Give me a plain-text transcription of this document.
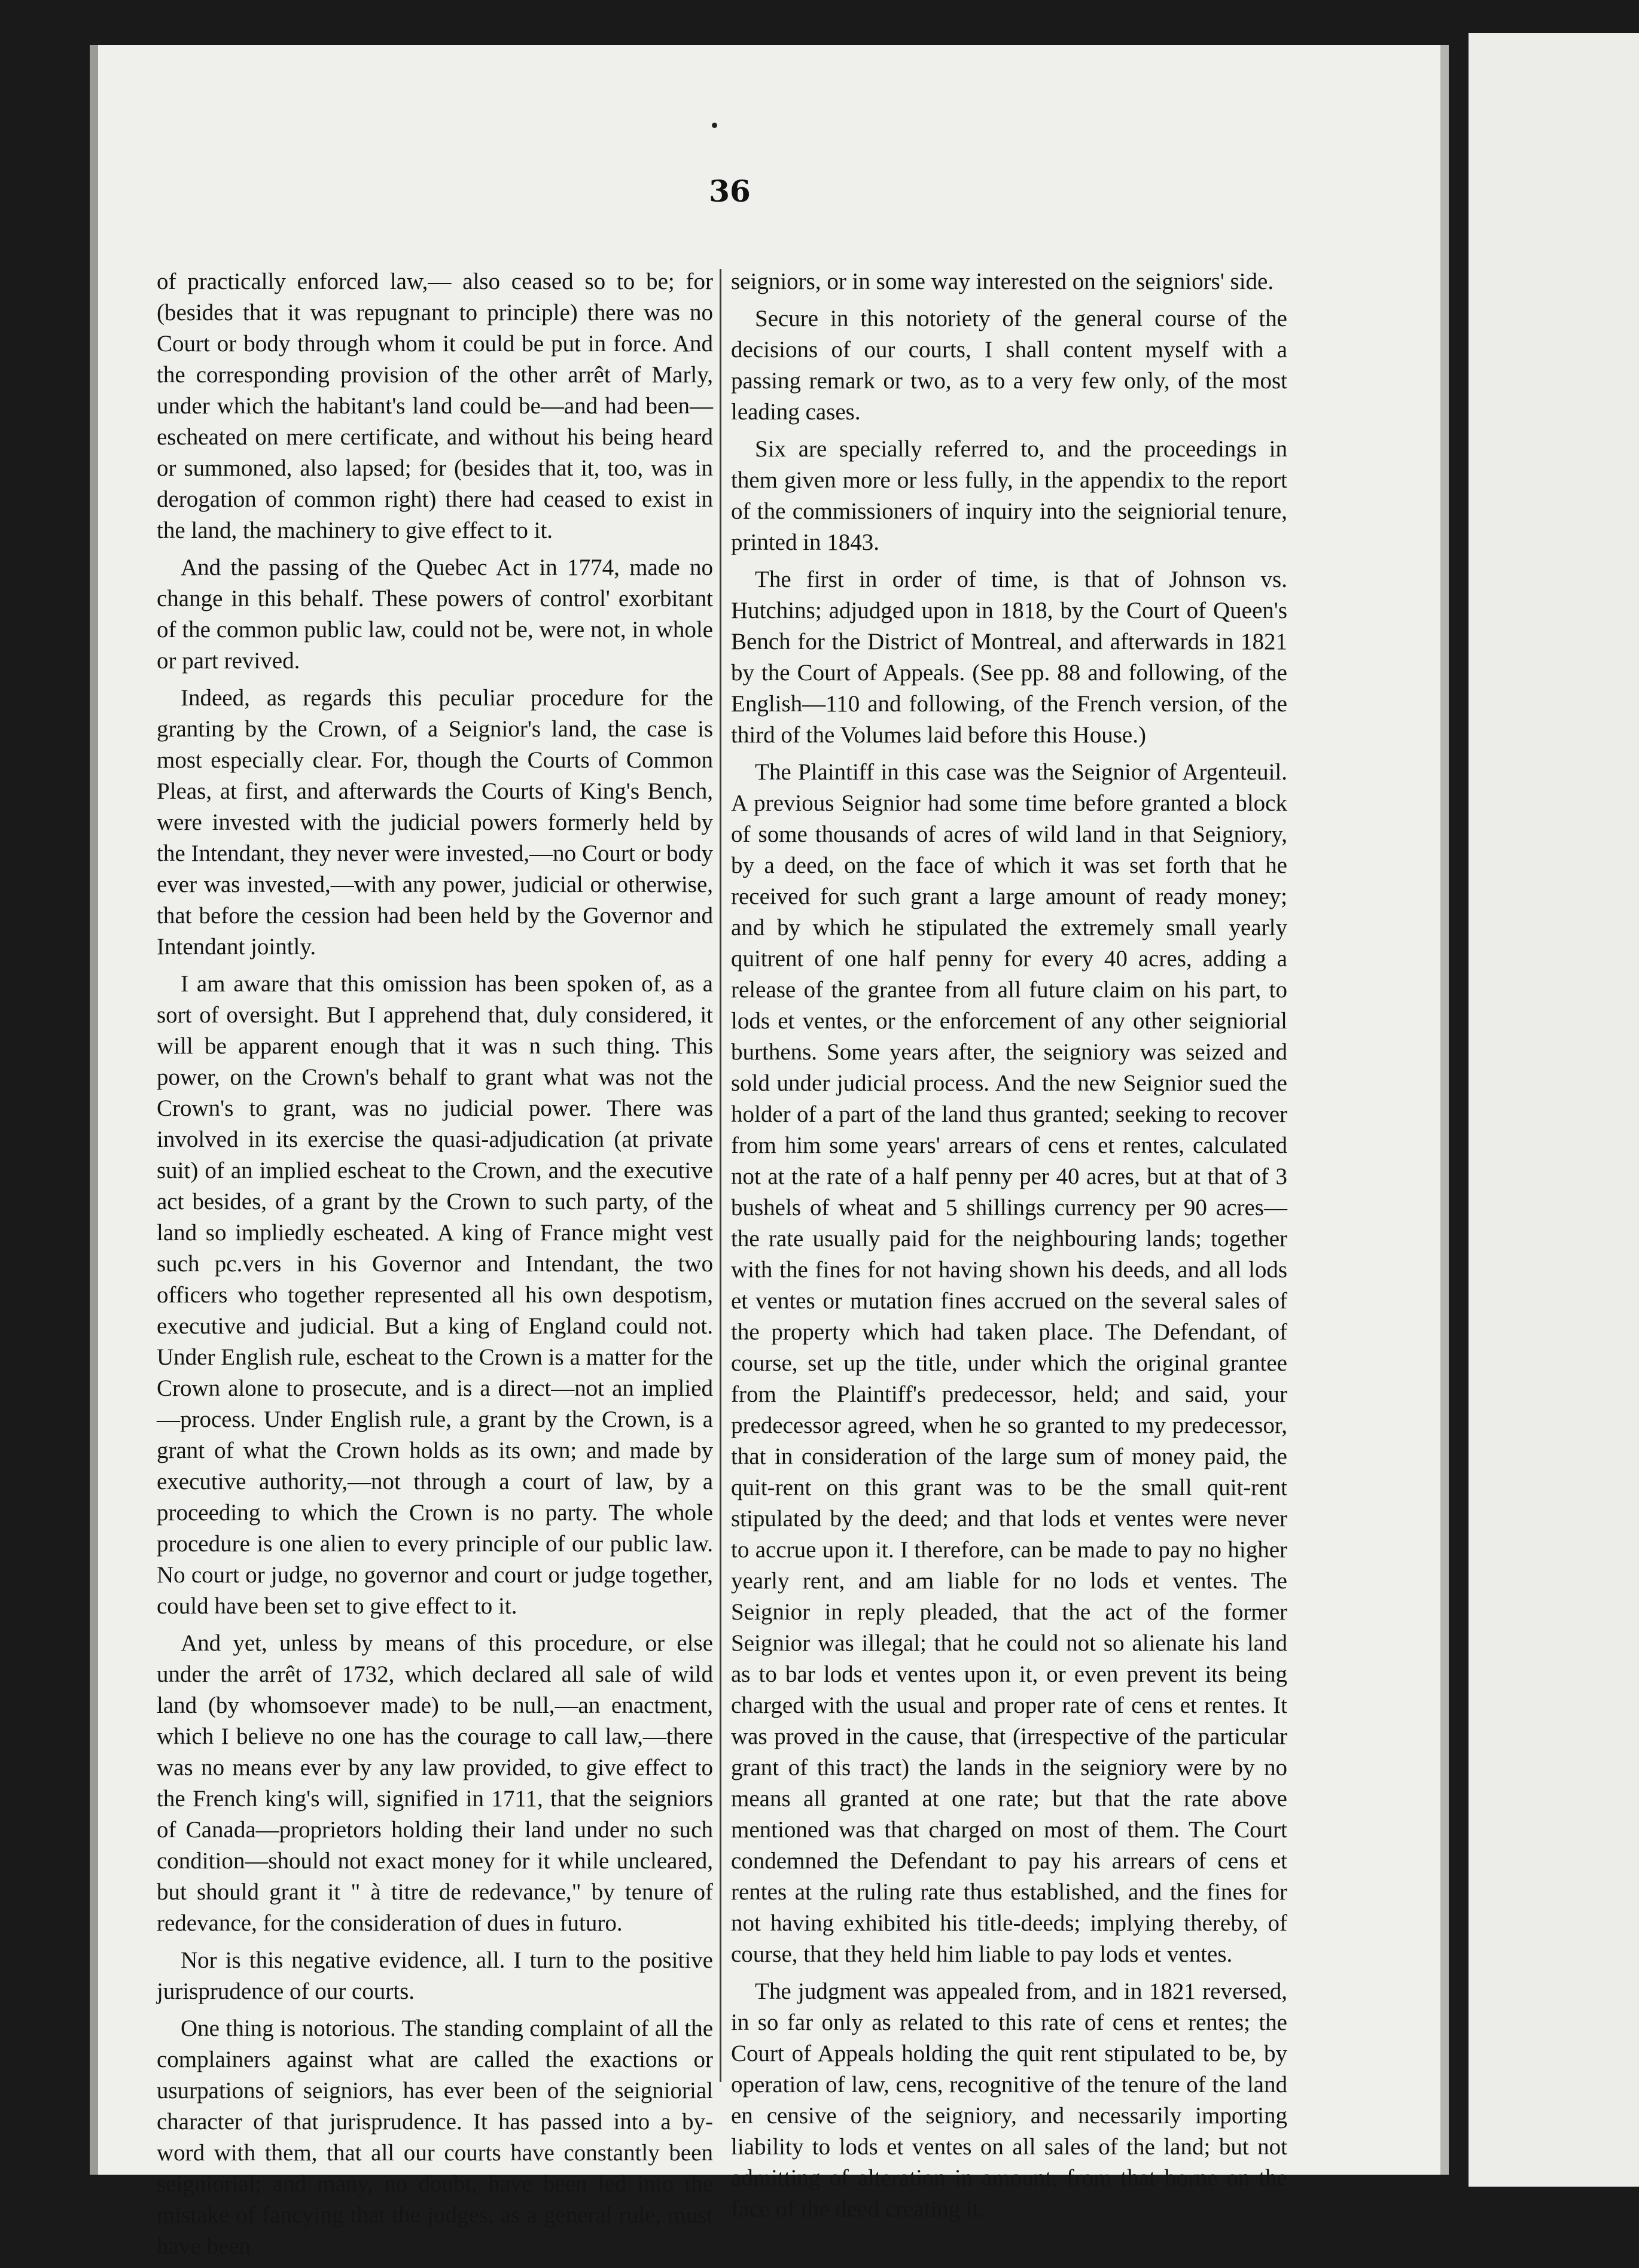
36

of practically enforced law,— also ceased so to be; for (besides that it was repugnant to principle) there was no Court or body through whom it could be put in force. And the corresponding provision of the other arrêt of Marly, under which the habitant's land could be—and had been—escheated on mere certificate, and without his being heard or summoned, also lapsed; for (besides that it, too, was in derogation of common right) there had ceased to exist in the land, the machinery to give effect to it.

And the passing of the Quebec Act in 1774, made no change in this behalf. These powers of control' exorbitant of the common public law, could not be, were not, in whole or part revived.

Indeed, as regards this peculiar procedure for the granting by the Crown, of a Seignior's land, the case is most especially clear. For, though the Courts of Common Pleas, at first, and afterwards the Courts of King's Bench, were invested with the judicial powers formerly held by the Intendant, they never were invested,—no Court or body ever was invested,—with any power, judicial or otherwise, that before the cession had been held by the Governor and Intendant jointly.

I am aware that this omission has been spoken of, as a sort of oversight. But I apprehend that, duly considered, it will be apparent enough that it was n such thing. This power, on the Crown's behalf to grant what was not the Crown's to grant, was no judicial power. There was involved in its exercise the quasi-adjudication (at private suit) of an implied escheat to the Crown, and the executive act besides, of a grant by the Crown to such party, of the land so impliedly escheated. A king of France might vest such pc.vers in his Governor and Intendant, the two officers who together represented all his own despotism, executive and judicial. But a king of England could not. Under English rule, escheat to the Crown is a matter for the Crown alone to prosecute, and is a direct—not an implied—process. Under English rule, a grant by the Crown, is a grant of what the Crown holds as its own; and made by executive authority,—not through a court of law, by a proceeding to which the Crown is no party. The whole procedure is one alien to every principle of our public law. No court or judge, no governor and court or judge together, could have been set to give effect to it.

And yet, unless by means of this procedure, or else under the arrêt of 1732, which declared all sale of wild land (by whomsoever made) to be null,—an enactment, which I believe no one has the courage to call law,—there was no means ever by any law provided, to give effect to the French king's will, signified in 1711, that the seigniors of Canada—proprietors holding their land under no such condition—should not exact money for it while uncleared, but should grant it " à titre de redevance," by tenure of redevance, for the consideration of dues in futuro.

Nor is this negative evidence, all. I turn to the positive jurisprudence of our courts.

One thing is notorious. The standing complaint of all the complainers against what are called the exactions or usurpations of seigniors, has ever been of the seigniorial character of that jurisprudence. It has passed into a by-word with them, that all our courts have constantly been seigniorial; and many, no doubt, have been led into the mistake of fancying that the judges, as a general rule, must have been

seigniors, or in some way interested on the seigniors' side.

Secure in this notoriety of the general course of the decisions of our courts, I shall content myself with a passing remark or two, as to a very few only, of the most leading cases.

Six are specially referred to, and the proceedings in them given more or less fully, in the appendix to the report of the commissioners of inquiry into the seigniorial tenure, printed in 1843.

The first in order of time, is that of Johnson vs. Hutchins; adjudged upon in 1818, by the Court of Queen's Bench for the District of Montreal, and afterwards in 1821 by the Court of Appeals. (See pp. 88 and following, of the English—110 and following, of the French version, of the third of the Volumes laid before this House.)

The Plaintiff in this case was the Seignior of Argenteuil. A previous Seignior had some time before granted a block of some thousands of acres of wild land in that Seigniory, by a deed, on the face of which it was set forth that he received for such grant a large amount of ready money; and by which he stipulated the extremely small yearly quitrent of one half penny for every 40 acres, adding a release of the grantee from all future claim on his part, to lods et ventes, or the enforcement of any other seigniorial burthens. Some years after, the seigniory was seized and sold under judicial process. And the new Seignior sued the holder of a part of the land thus granted; seeking to recover from him some years' arrears of cens et rentes, calculated not at the rate of a half penny per 40 acres, but at that of 3 bushels of wheat and 5 shillings currency per 90 acres—the rate usually paid for the neighbouring lands; together with the fines for not having shown his deeds, and all lods et ventes or mutation fines accrued on the several sales of the property which had taken place. The Defendant, of course, set up the title, under which the original grantee from the Plaintiff's predecessor, held; and said, your predecessor agreed, when he so granted to my predecessor, that in consideration of the large sum of money paid, the quit-rent on this grant was to be the small quit-rent stipulated by the deed; and that lods et ventes were never to accrue upon it. I therefore, can be made to pay no higher yearly rent, and am liable for no lods et ventes. The Seignior in reply pleaded, that the act of the former Seignior was illegal; that he could not so alienate his land as to bar lods et ventes upon it, or even prevent its being charged with the usual and proper rate of cens et rentes. It was proved in the cause, that (irrespective of the particular grant of this tract) the lands in the seigniory were by no means all granted at one rate; but that the rate above mentioned was that charged on most of them. The Court condemned the Defendant to pay his arrears of cens et rentes at the ruling rate thus established, and the fines for not having exhibited his title-deeds; implying thereby, of course, that they held him liable to pay lods et ventes.

The judgment was appealed from, and in 1821 reversed, in so far only as related to this rate of cens et rentes; the Court of Appeals holding the quit rent stipulated to be, by operation of law, cens, recognitive of the tenure of the land en censive of the seigniory, and necessarily importing liability to lods et ventes on all sales of the land; but not admitting of alteration in amount, from that borne on the face of the deed creating it.
